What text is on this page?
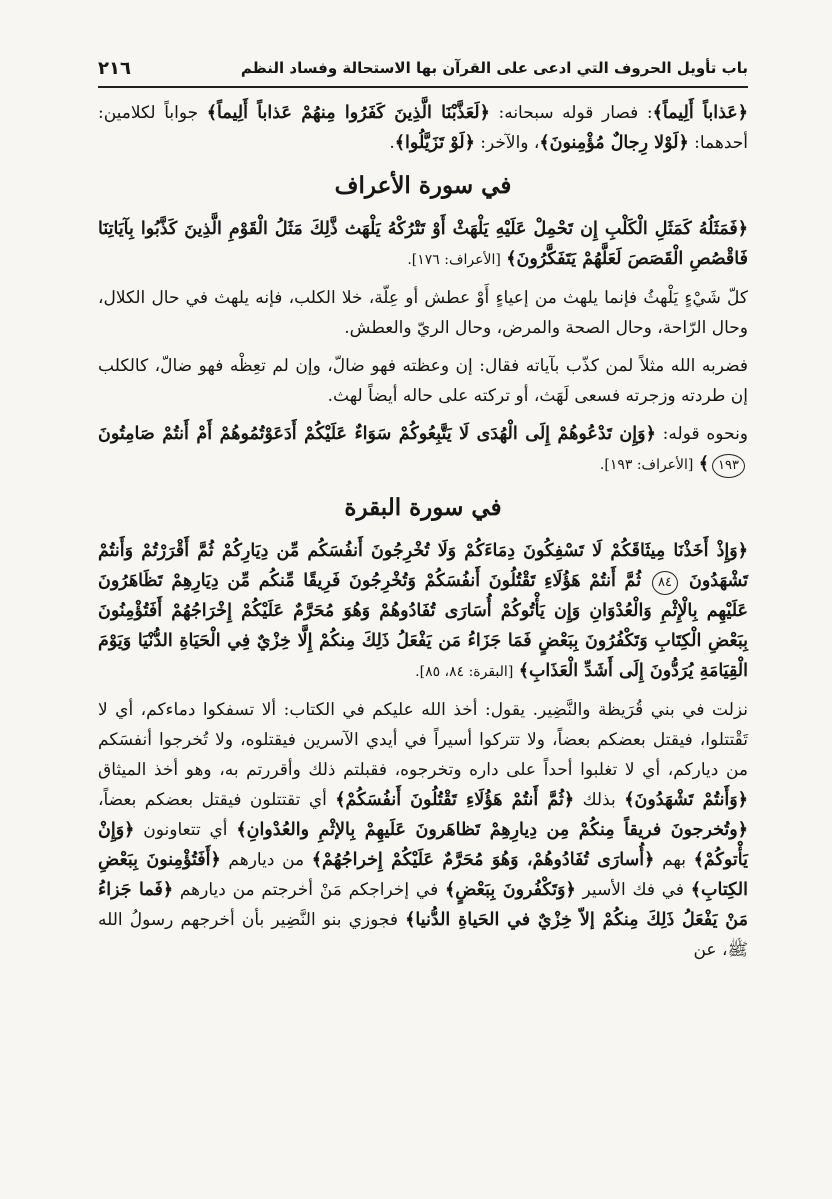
باب تأويل الحروف التي ادعى على القرآن بها الاستحالة وفساد النظم
٢١٦

﴿عَذاباً أَلِيماً﴾: فصار قوله سبحانه: ﴿لَعَذَّبْنَا الَّذِينَ كَفَرُوا مِنهُمْ عَذاباً أَلِيماً﴾ جواباً لكلامين: أحدهما: ﴿لَوْلا رِجالٌ مُؤْمِنونَ﴾، والآخر: ﴿لَوْ تَزَيَّلُوا﴾.

في سورة الأعراف

﴿فَمَثَلُهُ كَمَثَلِ الْكَلْبِ إِن تَحْمِلْ عَلَيْهِ يَلْهَثْ أَوْ تَتْرُكْهُ يَلْهَث ذَّلِكَ مَثَلُ الْقَوْمِ الَّذِينَ كَذَّبُوا بِآيَاتِنَا فَاقْصُصِ الْقَصَصَ لَعَلَّهُمْ يَتَفَكَّرُونَ﴾ [الأعراف: ١٧٦].

كلّ شَيْءٍ يَلْهثُ فإنما يلهث من إعياءٍ أَوْ عطش أو عِلّة، خلا الكلب، فإنه يلهث في حال الكلال، وحال الرّاحة، وحال الصحة والمرض، وحال الريّ والعطش.

فضربه الله مثلاً لمن كذّب بآياته فقال: إن وعظته فهو ضالّ، وإن لم تعِظْه فهو ضالّ، كالكلب إن طردته وزجرته فسعى لَهَث، أو تركته على حاله أيضاً لهث.

ونحوه قوله: ﴿وَإِن تَدْعُوهُمْ إِلَى الْهُدَى لَا يَتَّبِعُوكُمْ سَوَاءٌ عَلَيْكُمْ أَدَعَوْتُمُوهُمْ أَمْ أَنتُمْ صَامِتُونَ ١٩٣﴾ [الأعراف: ١٩٣].

في سورة البقرة

﴿وَإِذْ أَخَذْنَا مِيثَاقَكُمْ لَا تَسْفِكُونَ دِمَاءَكُمْ وَلَا تُخْرِجُونَ أَنفُسَكُم مِّن دِيَارِكُمْ ثُمَّ أَقْرَرْتُمْ وَأَنتُمْ تَشْهَدُونَ ٨٤ ثُمَّ أَنتُمْ هَؤُلَاءِ تَقْتُلُونَ أَنفُسَكُمْ وَتُخْرِجُونَ فَرِيقًا مِّنكُم مِّن دِيَارِهِمْ تَظَاهَرُونَ عَلَيْهِم بِالْإِثْمِ وَالْعُدْوَانِ وَإِن يَأْتُوكُمْ أُسَارَى تُفَادُوهُمْ وَهُوَ مُحَرَّمٌ عَلَيْكُمْ إِخْرَاجُهُمْ أَفَتُؤْمِنُونَ بِبَعْضِ الْكِتَابِ وَتَكْفُرُونَ بِبَعْضٍ فَمَا جَزَاءُ مَن يَفْعَلُ ذَلِكَ مِنكُمْ إِلَّا خِزْيٌ فِي الْحَيَاةِ الدُّنْيَا وَيَوْمَ الْقِيَامَةِ يُرَدُّونَ إِلَى أَشَدِّ الْعَذَابِ﴾ [البقرة: ٨٤، ٨٥].

نزلت في بني قُرَيظة والنَّضِير. يقول: أخذ الله عليكم في الكتاب: ألا تسفكوا دماءكم، أي لا تَقْتتلوا، فيقتل بعضكم بعضاً، ولا تتركوا أسيراً في أيدي الآسرين فيقتلوه، ولا تُخرجوا أنفسَكم من دياركم، أي لا تغلبوا أحداً على داره وتخرجوه، فقبلتم ذلك وأقررتم به، وهو أخذ الميثاق ﴿وَأَنتُمْ تَشْهَدُونَ﴾ بذلك ﴿ثُمَّ أَنتُمْ هَؤُلَاءِ تَقْتُلُونَ أَنفُسَكُمْ﴾ أي تقتتلون فيقتل بعضكم بعضاً، ﴿وتُخرجونَ فريقاً مِنكُمْ مِن دِيارِهِمْ تَظاهَرونَ عَلَيهِمْ بِالإثْمِ والعُدْوانِ﴾ أي تتعاونون ﴿وَإِنْ يَأْتوكُمْ﴾ بهم ﴿أُسارَى تُفَادُوهُمْ، وَهُوَ مُحَرَّمٌ عَلَيْكُمْ إِخراجُهُمْ﴾ من ديارهم ﴿أَفَتُؤْمِنونَ بِبَعْضِ الكِتابِ﴾ في فك الأسير ﴿وَتَكْفُرونَ بِبَعْضٍ﴾ في إخراجكم مَنْ أخرجتم من ديارهم ﴿فَما جَزاءُ مَنْ يَفْعَلُ ذَلِكَ مِنكُمْ إلاّ خِزْيٌ في الحَياةِ الدُّنيا﴾ فجوزي بنو النَّضِير بأن أخرجهم رسولُ الله ﷺ، عن
